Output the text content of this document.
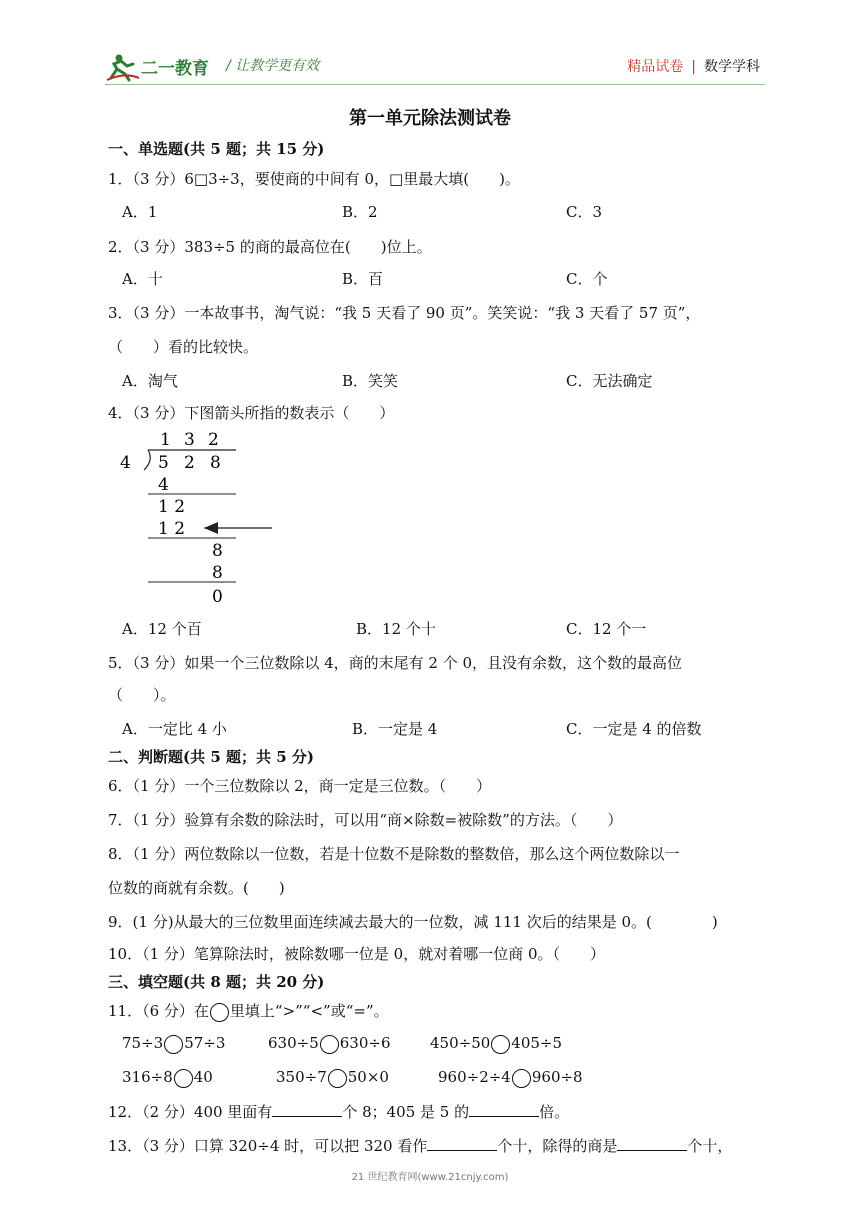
二一教育 / 让教学更有效	精品试卷 | 数学学科
第一单元除法测试卷
一、单选题(共 5 题；共 15 分)
1．（3 分）6□3÷3，要使商的中间有 0，□里最大填(　　)。
A．1	B．2	C．3
2．（3 分）383÷5 的商的最高位在(　　)位上。
A．十	B．百	C．个
3．（3 分）一本故事书，淘气说：“我 5 天看了 90 页”。笑笑说：“我 3 天看了 57 页”，
（　　）看的比较快。
A．淘气	B．笑笑	C．无法确定
4．（3 分）下图箭头所指的数表示（　　）
1 3 2
4 5 2 8
4
1 2
1 2
8
8
0
A．12 个百	B．12 个十	C．12 个一
5．（3 分）如果一个三位数除以 4，商的末尾有 2 个 0，且没有余数，这个数的最高位
（　　）。
A．一定比 4 小	B．一定是 4	C．一定是 4 的倍数
二、判断题(共 5 题；共 5 分)
6．（1 分）一个三位数除以 2，商一定是三位数。（　　）
7．（1 分）验算有余数的除法时，可以用“商×除数=被除数”的方法。（　　）
8．（1 分）两位数除以一位数，若是十位数不是除数的整数倍，那么这个两位数除以一
位数的商就有余数。(　　)
9．(1 分)从最大的三位数里面连续减去最大的一位数，减 111 次后的结果是 0。(　　　　)
10．（1 分）笔算除法时，被除数哪一位是 0，就对着哪一位商 0。（　　）
三、填空题(共 8 题；共 20 分)
11．（6 分）在 里填上“>”“<”或“=”。
75÷3 57÷3	630÷5 630÷6	450÷50 405÷5
316÷8 40	350÷7 50×0	960÷2÷4 960÷8
12．（2 分）400 里面有	个 8；405 是 5 的	倍。
13．（3 分）口算 320÷4 时，可以把 320 看作	个十，除得的商是	个十，
21 世纪教育网(www.21cnjy.com)
